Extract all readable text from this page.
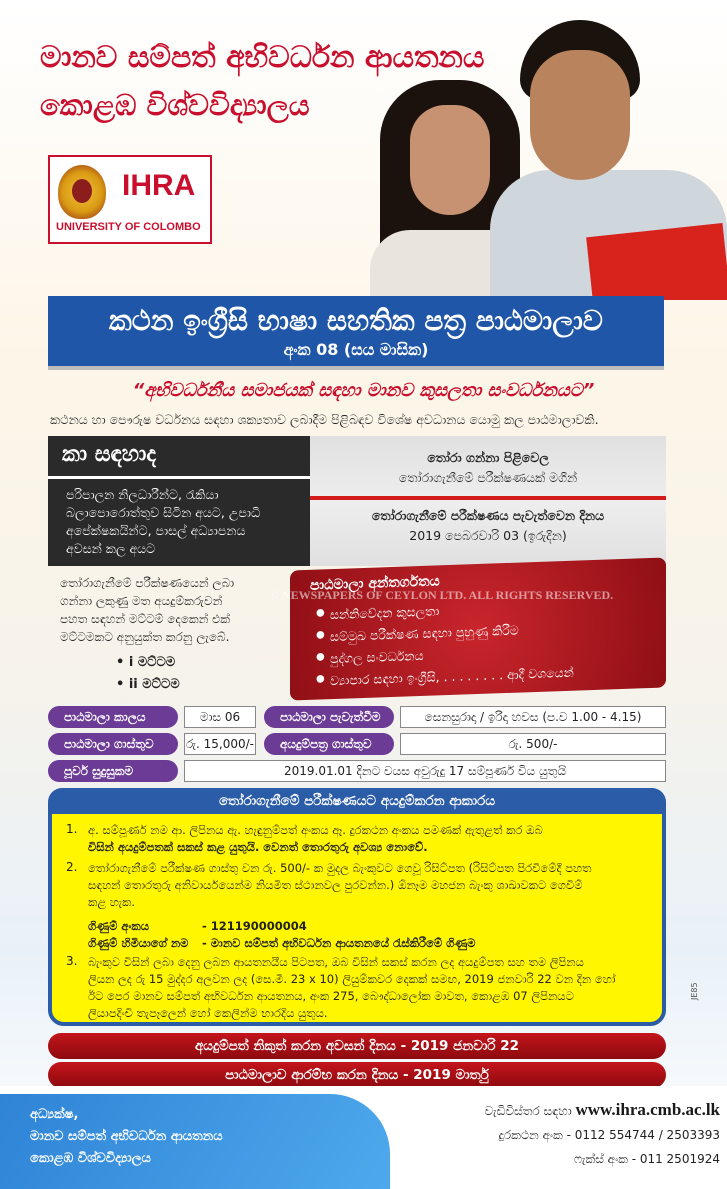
මානව සම්පත් අභිවර්ධන ආයතනය
කොළඹ විශ්වවිද්‍යාලය
IHRA
UNIVERSITY OF COLOMBO
කථන ඉංග්‍රීසි භාෂා සහතික පත්‍ර පාඨමාලාව
අංක 08 (සය මාසික)
“අභිවර්ධනීය සමාජයක් සඳහා මානව කුසලතා සංවර්ධනයට”
කථනය හා පෞරුෂ වර්ධනය සඳහා ශක්‍යතාව ලබාදීම පිළිබඳව විශේෂ අවධානය යොමු කල පාඨමාලාවකි.
කා සඳහාද
පරිපාලන නිලධාරීන්ට, රැකියා
බලාපොරොත්තුව සිටින අයට, උපාධි
අපේක්ෂකයින්ට, පාසල් අධ්‍යාපනය
අවසන් කල අයට
තෝරා ගන්නා පිළිවෙල
තෝරාගැනීමේ පරීක්ෂණයක් මගින්
තෝරාගැනීමේ පරීක්ෂණය පැවැත්වෙන දිනය
2019 පෙබරවාරි 03 (ඉරුදින)
තෝරාගැනීමේ පරීක්ෂණයෙන් ලබා
ගන්නා ලකුණු මත අයදුම්කරුවන්
පහත සඳහන් මට්ටම් දෙකෙන් එක්
මට්ටමකට අනුයුක්ත කරනු ලැබේ.
• i මට්ටම
• ii මට්ටම
පාඨමාලා අන්තර්ගතය
● සන්නිවේදන කුසලතා
● සම්මුඛ පරීක්ෂණ සඳහා පුහුණු කිරීම
● පුද්ගල සංවර්ධනය
● ව්‍යාපාර සඳහා ඉංග්‍රීසි, . . . . . . . . ආදී වශයෙන්
© NEWSPAPERS OF CEYLON LTD. ALL RIGHTS RESERVED.
පාඨමාලා කාලය	මාස 06	පාඨමාලා පැවැත්වීම	සෙනසුරාදා / ඉරිදා හවස (ප.ව 1.00 - 4.15)
පාඨමාලා ගාස්තුව	රු. 15,000/-	අයදුම්පත්‍ර ගාස්තුව	රු. 500/-
පූර්ව සුදුසුකම	2019.01.01 දිනට වයස අවුරුදු 17 සම්පූර්ණ විය යුතුයි
තෝරාගැනීමේ පරීක්ෂණයට අයදුම්කරන ආකාරය
1. අ. සම්පූර්ණ නම ආ. ලිපිනය ඇ. හැඳුනුම්පත් අංකය ඈ. දුරකථන අංකය පමණක් ඇතුළත් කර ඔබ
විසින් අයදුම්පතක් සකස් කළ යුතුයි. වෙනත් තොරතුරු අවශ්‍ය නොවේ.
2. තෝරාගැනීමේ පරීක්ෂණ ගාස්තු වන රු. 500/- ක මුදල බැංකුවට ගෙවූ රිසිට්පත (රිසිට්පත පිරවීමේදී පහත
සඳහන් තොරතුරු අනිවාර්යයෙන්ම නියමිත ස්ථානවල පුරවන්න.) ඕනෑම මහජන බැංකු ශාඛාවකට ගෙවිම්
කළ හැක.
ගිණුම් අංකය	- 121190000004
ගිණුම් හිමියාගේ නම - මානව සම්පත් අභිවර්ධන ආයතනයේ රැස්කිරීමේ ගිණුම
3. බැංකුව විසින් ලබා දෙනු ලබන ආයතනයීය පිටපත, ඔබ විසින් සකස් කරන ලද අයදුම්පත සහ තම ලිපිනය
ලියන ලද රු 15 මුද්දර අලවන ලද (සෙ.මී. 23 x 10) ලියුම්කවර දෙකක් සමඟ, 2019 ජනවාරි 22 වන දින හෝ
ඊට පෙර මානව සම්පත් අභිවර්ධන ආයතනය, අංක 275, බෞද්ධාලෝක මාවත, කොළඹ 07 ලිපිනයට
ලියාපදිංචි තැපෑලෙන් හෝ කෙලින්ම භාරදිය යුතුය.
JE85
අයදුම්පත් නිකුත් කරන අවසන් දිනය - 2019 ජනවාරි 22
පාඨමාලාව ආරම්භ කරන දිනය - 2019 මාර්තු
අධ්‍යක්ෂ,
මානව සම්පත් අභිවර්ධන ආයතනය
කොළඹ විශ්වවිද්‍යාලය
වැඩිවිස්තර සඳහා www.ihra.cmb.ac.lk
දුරකථන අංක - 0112 554744 / 2503393
ෆැක්ස් අංක - 011 2501924
